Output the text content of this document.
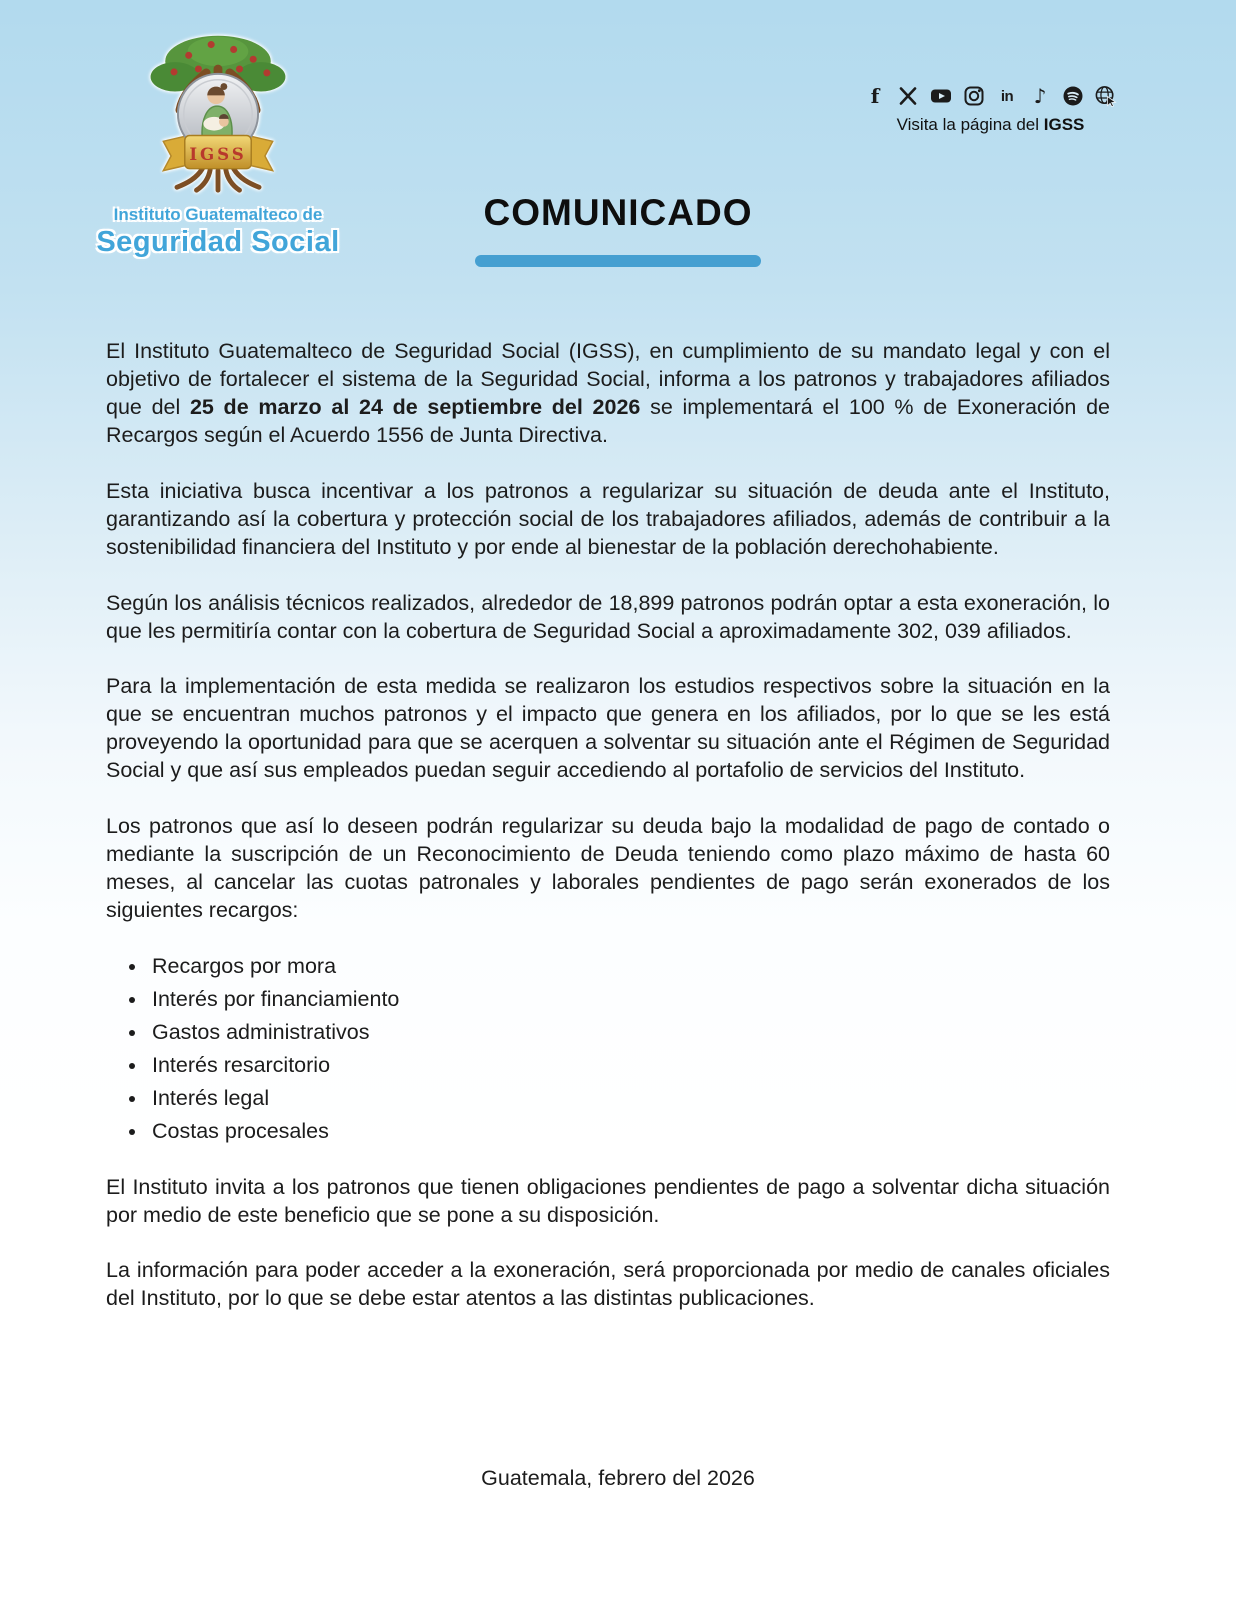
IGSS
Instituto Guatemalteco de
Seguridad Social
f	in ♪
Visita la página del IGSS
COMUNICADO

El Instituto Guatemalteco de Seguridad Social (IGSS), en cumplimiento de su mandato legal y con el objetivo de fortalecer el sistema de la Seguridad Social, informa a los patronos y trabajadores afiliados que del 25 de marzo al 24 de septiembre del 2026 se implementará el 100 % de Exoneración de Recargos según el Acuerdo 1556 de Junta Directiva.

Esta iniciativa busca incentivar a los patronos a regularizar su situación de deuda ante el Instituto, garantizando así la cobertura y protección social de los trabajadores afiliados, además de contribuir a la sostenibilidad financiera del Instituto y por ende al bienestar de la población derechohabiente.

Según los análisis técnicos realizados, alrededor de 18,899 patronos podrán optar a esta exoneración, lo que les permitiría contar con la cobertura de Seguridad Social a aproximadamente 302, 039 afiliados.

Para la implementación de esta medida se realizaron los estudios respectivos sobre la situación en la que se encuentran muchos patronos y el impacto que genera en los afiliados, por lo que se les está proveyendo la oportunidad para que se acerquen a solventar su situación ante el Régimen de Seguridad Social y que así sus empleados puedan seguir accediendo al portafolio de servicios del Instituto.

Los patronos que así lo deseen podrán regularizar su deuda bajo la modalidad de pago de contado o mediante la suscripción de un Reconocimiento de Deuda teniendo como plazo máximo de hasta 60 meses, al cancelar las cuotas patronales y laborales pendientes de pago serán exonerados de los siguientes recargos:

• Recargos por mora
• Interés por financiamiento
• Gastos administrativos
• Interés resarcitorio
• Interés legal
• Costas procesales

El Instituto invita a los patronos que tienen obligaciones pendientes de pago a solventar dicha situación por medio de este beneficio que se pone a su disposición.

La información para poder acceder a la exoneración, será proporcionada por medio de canales oficiales del Instituto, por lo que se debe estar atentos a las distintas publicaciones.

Guatemala, febrero del 2026
